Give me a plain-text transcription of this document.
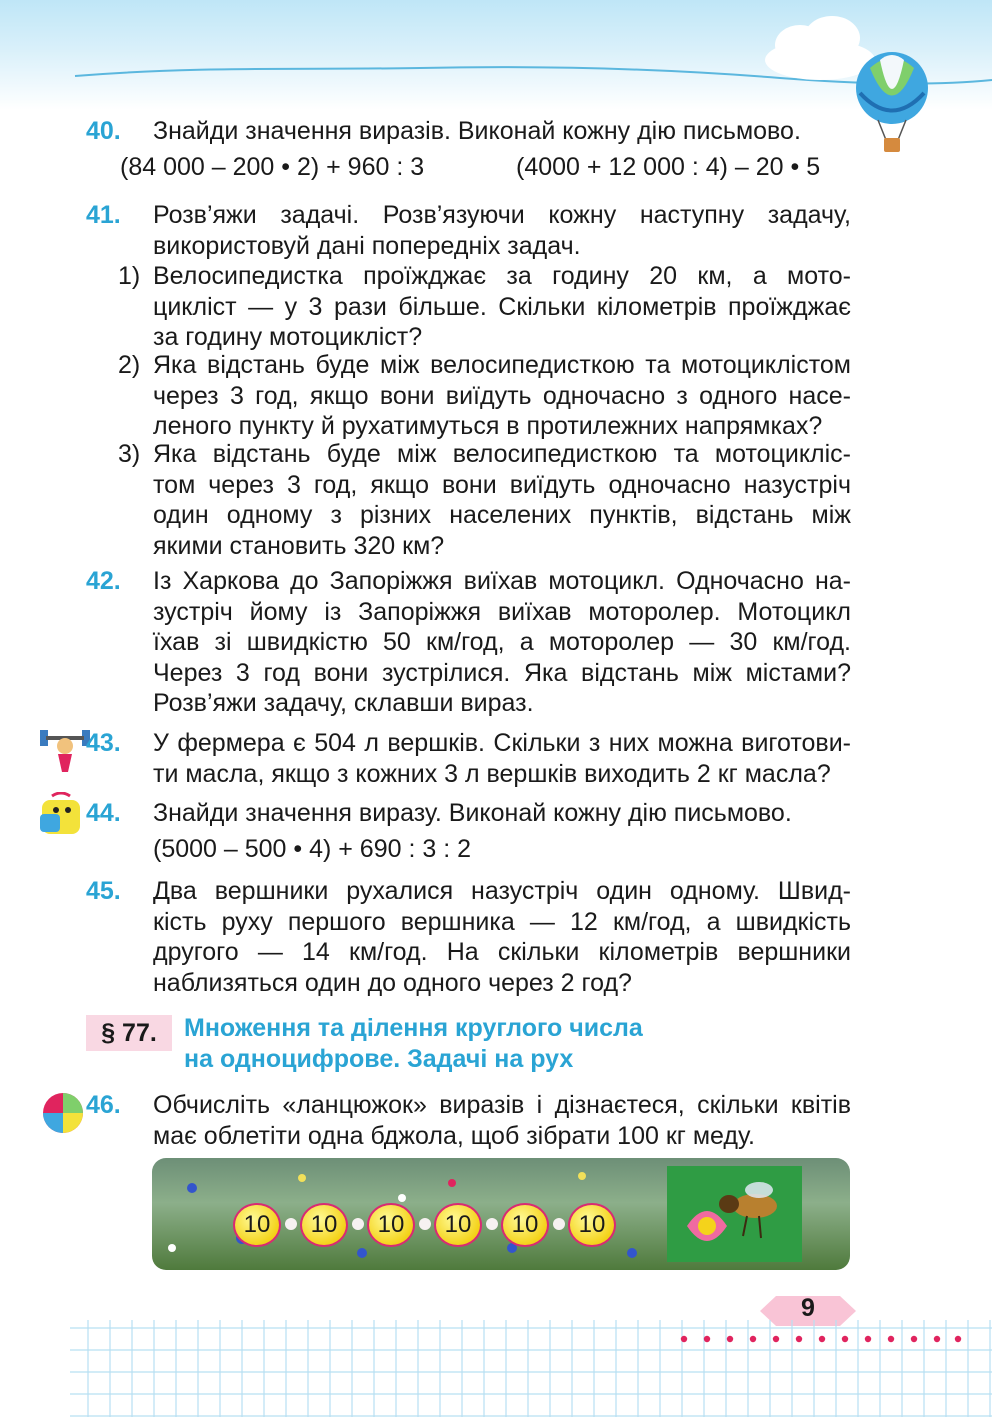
40. Знайди значення виразів. Виконай кожну дію письмово.
(84 000 – 200 • 2) + 960 : 3	(4000 + 12 000 : 4) – 20 • 5
41. Розв’яжи задачі. Розв’язуючи кожну наступну задачу,
використовуй дані попередніх задач.
1) Велосипедистка проїжджає за годину 20 км, а мото-
цикліст — у 3 рази більше. Скільки кілометрів проїжджає
за годину мотоцикліст?
2) Яка відстань буде між велосипедисткою та мотоциклістом
через 3 год, якщо вони виїдуть одночасно з одного насе-
леного пункту й рухатимуться в протилежних напрямках?
3) Яка відстань буде між велосипедисткою та мотоцикліс-
том через 3 год, якщо вони виїдуть одночасно назустріч
один одному з різних населених пунктів, відстань між
якими становить 320 км?
42. Із Харкова до Запоріжжя виїхав мотоцикл. Одночасно на-
зустріч йому із Запоріжжя виїхав моторолер. Мотоцикл
їхав зі швидкістю 50 км/год, а моторолер — 30 км/год.
Через 3 год вони зустрілися. Яка відстань між містами?
Розв’яжи задачу, склавши вираз.
43. У фермера є 504 л вершків. Скільки з них можна виготови-
ти масла, якщо з кожних 3 л вершків виходить 2 кг масла?
44. Знайди значення виразу. Виконай кожну дію письмово.
(5000 – 500 • 4) + 690 : 3 : 2
45. Два вершники рухалися назустріч один одному. Швид-
кість руху першого вершника — 12 км/год, а швидкість
другого — 14 км/год. На скільки кілометрів вершники
наблизяться один до одного через 2 год?
§ 77. Множення та ділення круглого числа
на одноцифрове. Задачі на рух
46. Обчисліть «ланцюжок» виразів і дізнаєтеся, скільки квітів
має облетіти одна бджола, щоб зібрати 100 кг меду.
10	10	10	10	10	10
9
